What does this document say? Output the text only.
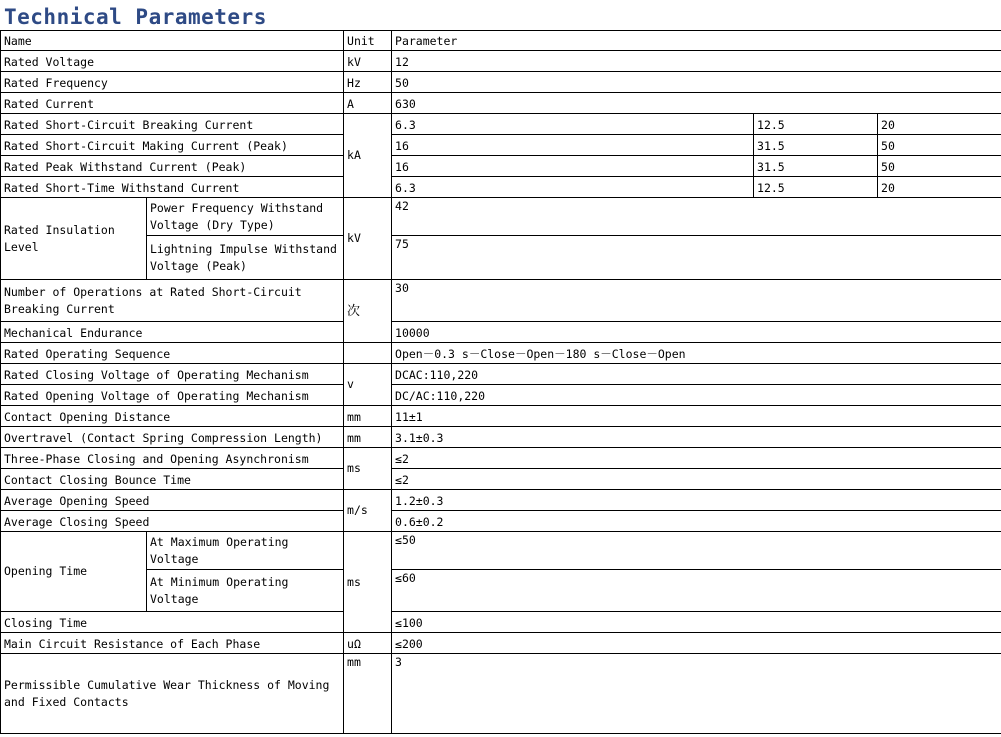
Technical Parameters
Name		Unit	Parameter		
Rated Voltage		kV	12		
Rated Frequency		Hz	50		
Rated Current		A	630		
Rated Short-Circuit Breaking Current		kA	6.3	12.5	20
Rated Short-Circuit Making Current (Peak)			16	31.5	50
Rated Peak Withstand Current (Peak)			16	31.5	50
Rated Short-Time Withstand Current			6.3	12.5	20
Rated Insulation Level	Power Frequency Withstand Voltage (Dry Type)	kV	42		
	Lightning Impulse Withstand Voltage (Peak)		75		
Number of Operations at Rated Short-Circuit Breaking Current		次	30		
Mechanical Endurance			10000		
Rated Operating Sequence			Open－0.3 s－Close－Open－180 s－Close－Open		
Rated Closing Voltage of Operating Mechanism		v	DCAC:110,220		
Rated Opening Voltage of Operating Mechanism			DC/AC:110,220		
Contact Opening Distance		mm	11±1		
Overtravel (Contact Spring Compression Length)		mm	3.1±0.3		
Three-Phase Closing and Opening Asynchronism		ms	≤2		
Contact Closing Bounce Time			≤2		
Average Opening Speed		m/s	1.2±0.3		
Average Closing Speed			0.6±0.2		
Opening Time	At Maximum Operating Voltage	ms	≤50		
	At Minimum Operating Voltage		≤60		
Closing Time			≤100		
Main Circuit Resistance of Each Phase		uΩ	≤200		
Permissible Cumulative Wear Thickness of Moving and Fixed Contacts		mm	3		
